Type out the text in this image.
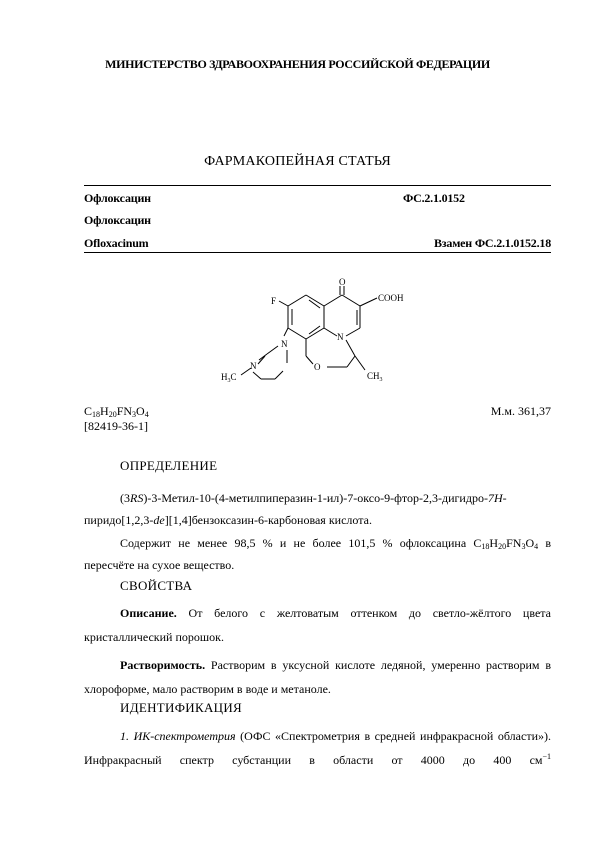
МИНИСТЕРСТВО ЗДРАВООХРАНЕНИЯ РОССИЙСКОЙ ФЕДЕРАЦИИ
ФАРМАКОПЕЙНАЯ СТАТЬЯ
Офлоксацин	ФС.2.1.0152
Офлоксацин
Ofloxacinum	Взамен ФС.2.1.0152.18
O
COOH
F
N
N
N	O
$H_3C$	$CH_3$
$C_{18}H_{20}FN_3O_4$	М.м. 361,37
[82419-36-1]
ОПРЕДЕЛЕНИЕ
(3RS)-3-Метил-10-(4-метилпиперазин-1-ил)-7-оксо-9-фтор-2,3-дигидро-7H- пиридо[1,2,3-de][1,4]бензоксазин-6-карбоновая кислота.
Содержит не менее 98,5 % и не более 101,5 % офлоксацина $C_{18}H_{20}FN_3O_4$ в пересчёте на сухое вещество.
СВОЙСТВА
Описание. От белого с желтоватым оттенком до светло-жёлтого цвета кристаллический порошок.
Растворимость. Растворим в уксусной кислоте ледяной, умеренно растворим в хлороформе, мало растворим в воде и метаноле.
ИДЕНТИФИКАЦИЯ
1. ИК-спектрометрия (ОФС «Спектрометрия в средней инфракрасной области»). Инфракрасный спектр субстанции в области от 4000 до 400 $см^{-1}$
